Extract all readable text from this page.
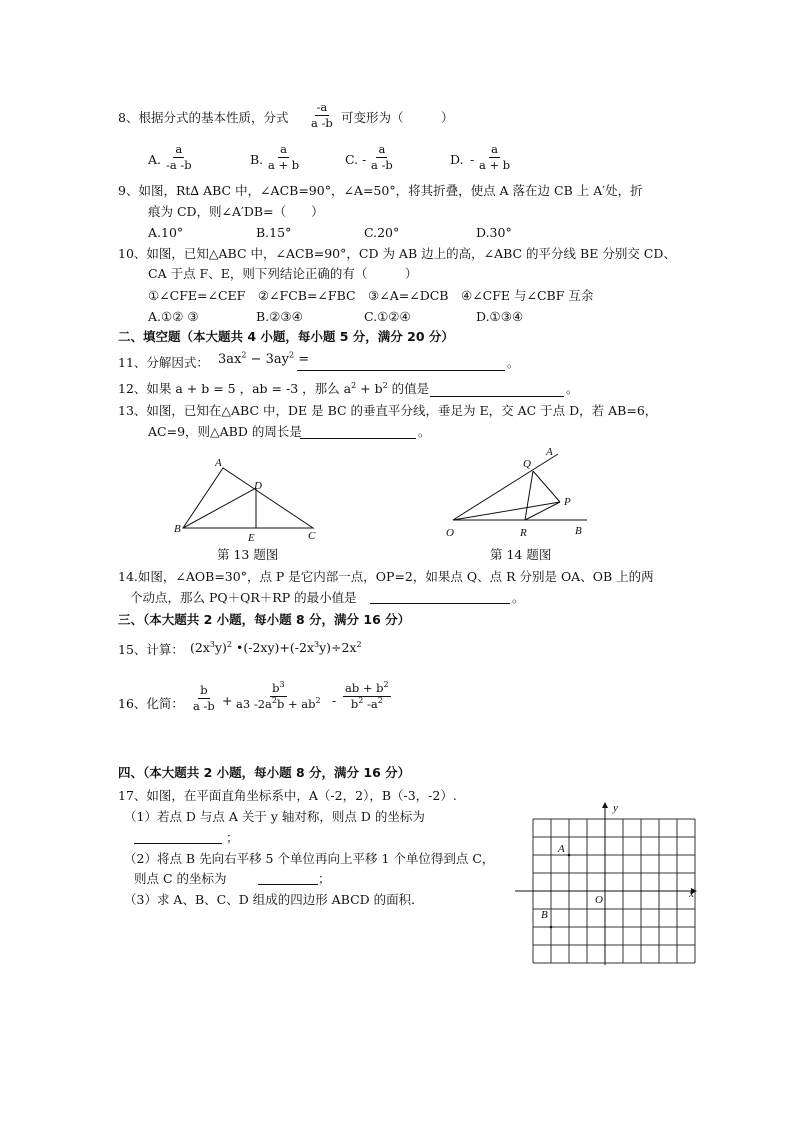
8、根据分式的基本性质，分式 $\frac{-a}{a -b}$ 可变形为（　　　）
A. $\frac{a}{-a -b}$	B. $\frac{a}{a + b}$	C. - $\frac{a}{a -b}$	D. - $\frac{a}{a + b}$
9、如图，Rt∆ ABC 中，∠ACB=90°，∠A=50°，将其折叠，使点 A 落在边 CB 上 A′处，折
痕为 CD，则∠A′DB=（　　）
A.10°	B.15°	C.20°	D.30°
10、如图，已知△ABC 中，∠ACB=90°，CD 为 AB 边上的高，∠ABC 的平分线 BE 分别交 CD、
CA 于点 F、E，则下列结论正确的有（　　　）
①∠CFE=∠CEF　②∠FCB=∠FBC　③∠A=∠DCB　④∠CFE 与∠CBF 互余
A.①② ③	B.②③④	C.①②④	D.①③④
二、填空题（本大题共 4 小题，每小题 5 分，满分 20 分）
11、分解因式： $3ax^2 - 3ay^2$ =	。
12、如果 a + b = 5 ，ab = -3 ，那么 $a^2 + b^2$ 的值是	。
13、如图，已知在△ABC 中，DE 是 BC 的垂直平分线，垂足为 E，交 AC 于点 D，若 AB=6，
AC=9，则△ABD 的周长是	。
A
B
C
D
E
第 13 题图
A
Q
P
O	R	B
第 14 题图
14.如图，∠AOB=30°，点 P 是它内部一点，OP=2，如果点 Q、点 R 分别是 OA、OB 上的两
个动点，那么 PQ＋QR＋RP 的最小值是	。
三、（本大题共 2 小题，每小题 8 分，满分 16 分）
15、计算： $(2x^3y)^2$ $•(-2xy)+(-2x^3y)\div 2x^2$
16、化简： $\frac{b}{a -b} + \frac{b^3}{a3 -2a^2b + ab^2} - \frac{ab + b^2}{b^2 -a^2}$
四、（本大题共 2 小题，每小题 8 分，满分 16 分）
17、如图，在平面直角坐标系中，A（-2，2），B（-3，-2）.
（1）若点 D 与点 A 关于 y 轴对称，则点 D 的坐标为
；
（2）将点 B 先向右平移 5 个单位再向上平移 1 个单位得到点 C，
则点 C 的坐标为	；
（3）求 A、B、C、D 组成的四边形 ABCD 的面积．
y
x
O
A
B
